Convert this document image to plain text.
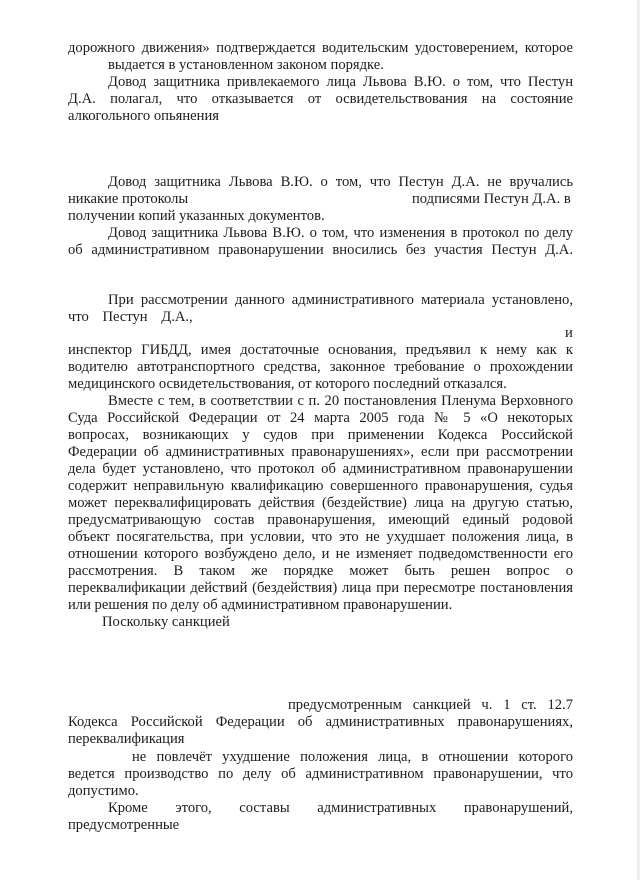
дорожного движения» подтверждается водительским удостоверением, которое
выдается в установленном законом порядке.
Довод защитника привлекаемого лица Львова В.Ю. о том, что Пестун
Д.А. полагал, что отказывается от освидетельствования на состояние
алкогольного опьянения
Довод защитника Львова В.Ю. о том, что Пестун Д.А. не вручались
никакие протоколы	подписями Пестун Д.А. в
получении копий указанных документов.
Довод защитника Львова В.Ю. о том, что изменения в протокол по делу
об административном правонарушении вносились без участия Пестун Д.А.
При рассмотрении данного административного материала установлено,
что Пестун Д.А.,
и
инспектор ГИБДД, имея достаточные основания, предъявил к нему как к
водителю автотранспортного средства, законное требование о прохождении
медицинского освидетельствования, от которого последний отказался.
Вместе с тем, в соответствии с п. 20 постановления Пленума Верховного
Суда Российской Федерации от 24 марта 2005 года № 5 «О некоторых
вопросах, возникающих у судов при применении Кодекса Российской
Федерации об административных правонарушениях», если при рассмотрении
дела будет установлено, что протокол об административном правонарушении
содержит неправильную квалификацию совершенного правонарушения, судья
может переквалифицировать действия (бездействие) лица на другую статью,
предусматривающую состав правонарушения, имеющий единый родовой
объект посягательства, при условии, что это не ухудшает положения лица, в
отношении которого возбуждено дело, и не изменяет подведомственности его
рассмотрения. В таком же порядке может быть решен вопрос о
переквалификации действий (бездействия) лица при пересмотре постановления
или решения по делу об административном правонарушении.
Поскольку санкцией
предусмотренным санкцией ч. 1 ст. 12.7
Кодекса Российской Федерации об административных правонарушениях,
переквалификация
не повлечёт ухудшение положения лица, в отношении которого
ведется производство по делу об административном правонарушении, что
допустимо.
Кроме этого, составы административных правонарушений,
предусмотренные
